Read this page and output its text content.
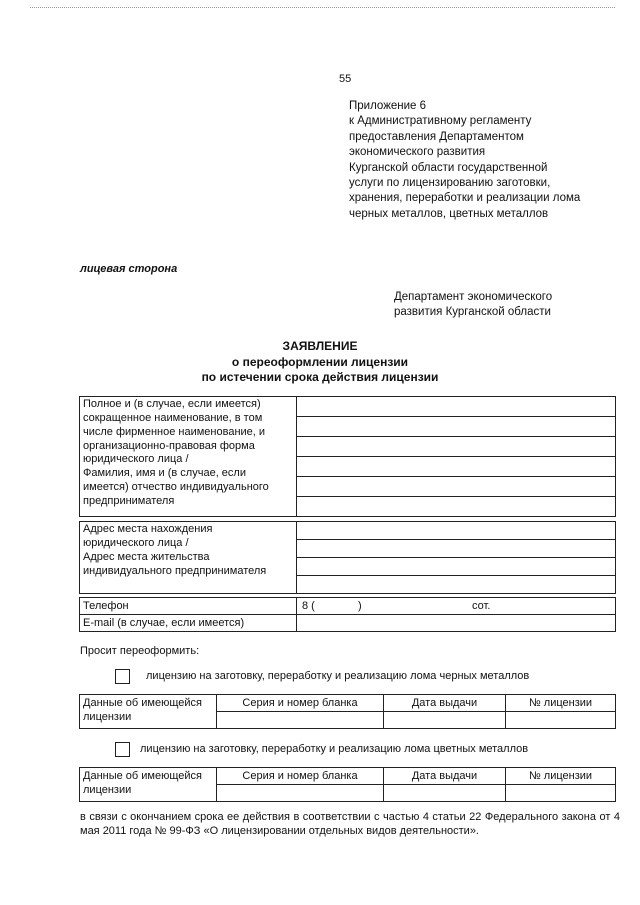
55
Приложение 6
к Административному регламенту
предоставления Департаментом
экономического развития
Курганской области государственной
услуги по лицензированию заготовки,
хранения, переработки и реализации лома
черных металлов, цветных металлов
лицевая сторона
Департамент экономического
развития Курганской области
ЗАЯВЛЕНИЕ
о переоформлении лицензии
по истечении срока действия лицензии
Полное и (в случае, если имеется)
сокращенное наименование, в том
числе фирменное наименование, и
организационно-правовая форма
юридического лица /
Фамилия, имя и (в случае, если
имеется) отчество индивидуального
предпринимателя

Адрес места нахождения
юридического лица /
Адрес места жительства
индивидуального предпринимателя

Телефон	8 ( ) сот.

E-mail (в случае, если имеется)	
Просит переоформить:
лицензию на заготовку, переработку и реализацию лома черных металлов
Данные об имеющейся
лицензии	Серия и номер бланка	Дата выдачи	№ лицензии

лицензию на заготовку, переработку и реализацию лома цветных металлов
Данные об имеющейся
лицензии	Серия и номер бланка	Дата выдачи	№ лицензии

в связи с окончанием срока ее действия в соответствии с частью 4 статьи 22 Федерального закона от 4 мая 2011 года № 99-ФЗ «О лицензировании отдельных видов деятельности».
